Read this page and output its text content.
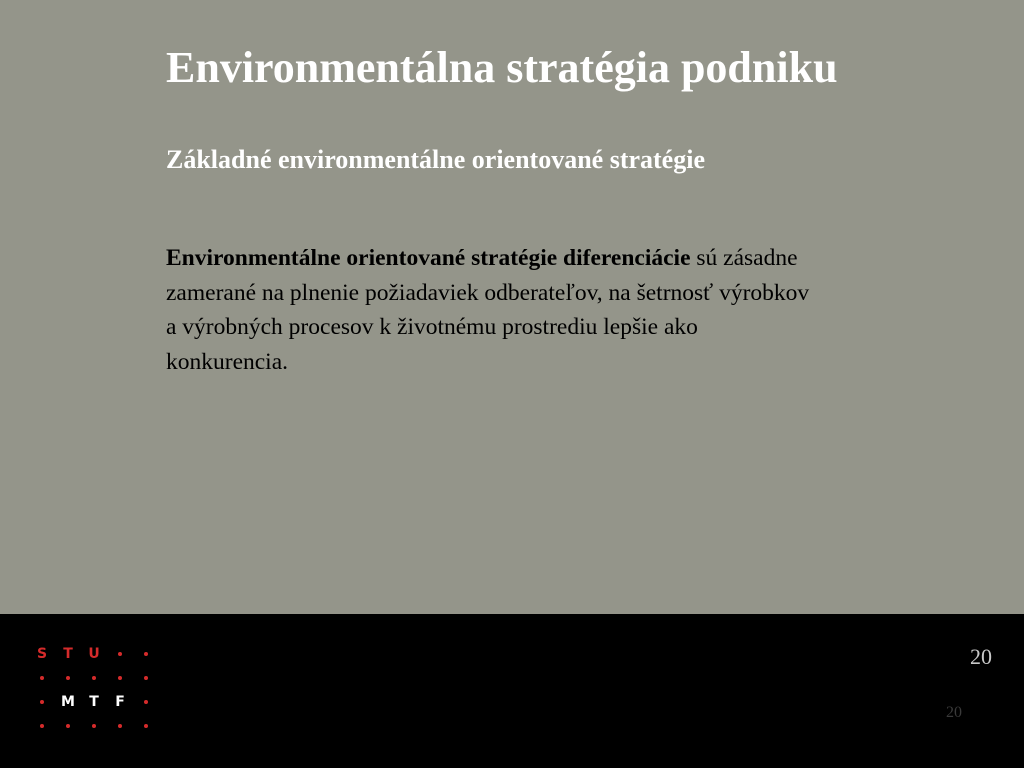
Environmentálna stratégia podniku
Základné environmentálne orientované stratégie
Environmentálne orientované stratégie diferenciácie sú zásadne
zamerané na plnenie požiadaviek odberateľov, na šetrnosť výrobkov
a výrobných procesov k životnému prostrediu lepšie ako
konkurencia.
S	T	U
M	T	F
20
20
